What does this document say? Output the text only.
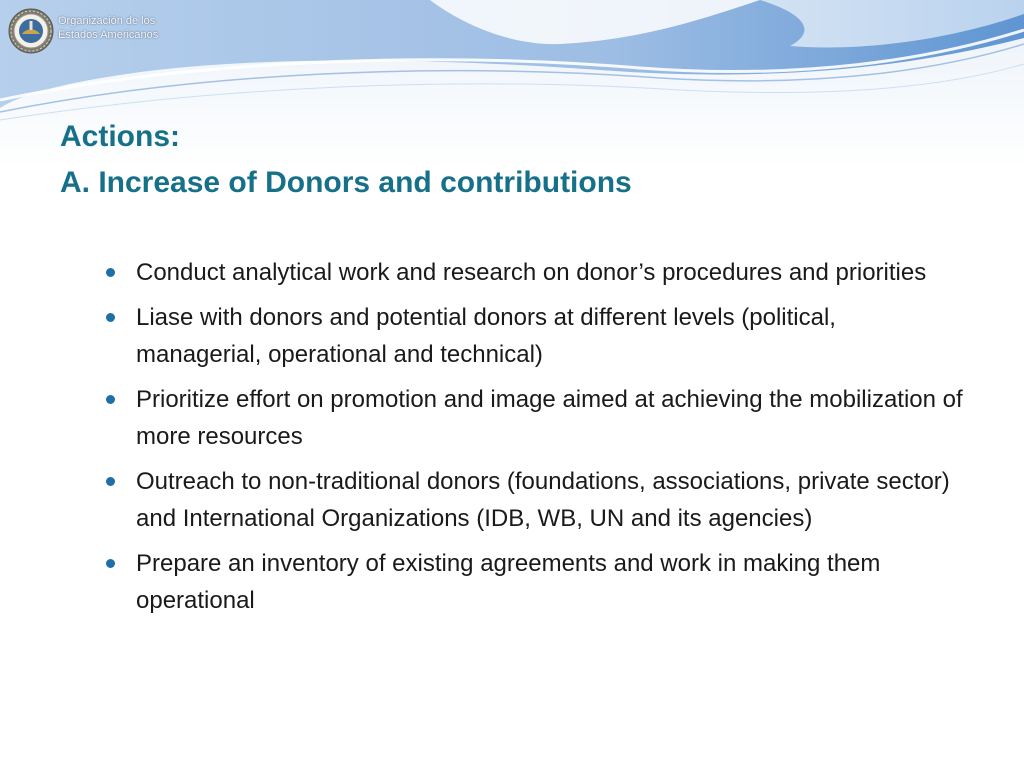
Organización de los
Estados Americanos
Actions:
A. Increase of Donors and contributions
Conduct analytical work and research on donor’s procedures and priorities
Liase with donors and potential donors at different levels (political, managerial, operational and technical)
Prioritize effort on promotion and image aimed at achieving the mobilization of more resources
Outreach to non-traditional donors (foundations, associations, private sector) and International Organizations (IDB, WB, UN and its agencies)
Prepare an inventory of existing agreements and work in making them operational
